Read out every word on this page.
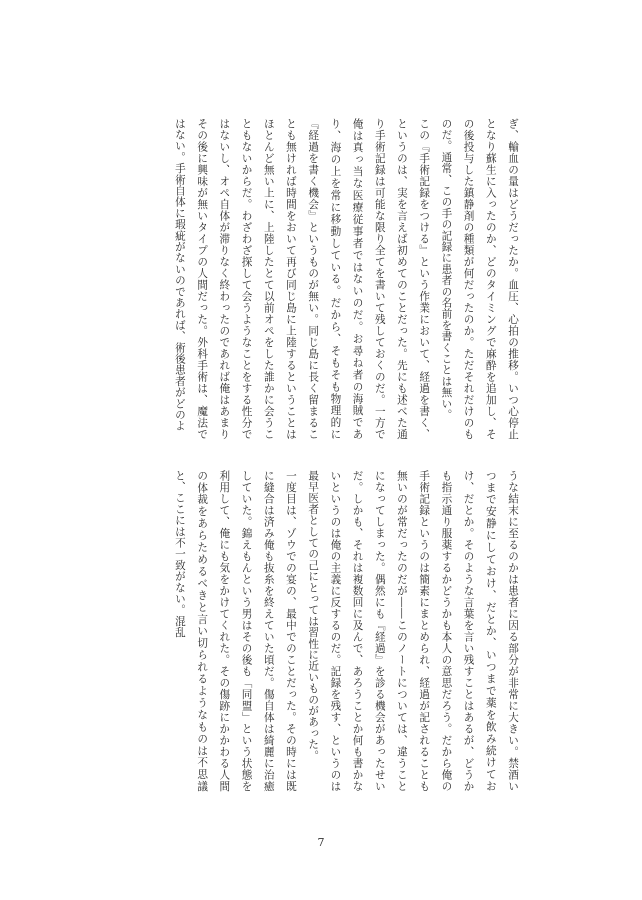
ぎ、輸血の量はどうだったか。血圧、心拍の推移。いつ心停止となり蘇生に入ったのか、どのタイミングで麻酔を追加し、その後投与した鎮静剤の種類が何だったのか。ただそれだけのものだ。通常、この手の記録に患者の名前を書くことは無い。
この『手術記録をつける』という作業において、経過を書く、というのは、実を言えば初めてのことだった。先にも述べた通り手術記録は可能な限り全てを書いて残しておくのだ。一方で俺は真っ当な医療従事者ではないのだ。お尋ね者の海賊であり、海の上を常に移動している。だから、そもそも物理的に『経過を書く機会』というものが無い。同じ島に長く留まることも無ければ時間をおいて再び同じ島に上陸するということはほとんど無い上に、上陸したとて以前オペをした誰かに会うこともないからだ。わざわざ探して会うようなことをする性分ではないし、オペ自体が滞りなく終わったのであれば俺はあまりその後に興味が無いタイプの人間だった。外科手術は、魔法ではない。手術自体に瑕疵がないのであれば、術後患者がどのよ
うな結末に至るのかは患者に因る部分が非常に大きい。禁酒いつまで安静にしておけ、だとか、いつまで薬を飲み続けておけ、だとか。そのような言葉を言い残すことはあるが、どうかも指示通り服薬するかどうかも本人の意思だろう。だから俺の手術記録というのは簡素にまとめられ、経過が記されることも無いのが常だったのだが――このノートについては、違うことになってしまった。偶然にも『経過』を診る機会があったせいだ。しかも、それは複数回に及んで、あろうことか何も書かないというのは俺の主義に反するのだ。記録を残す、というのは最早医者としての己にとっては習性に近いものがあった。
一度目は、ゾウでの宴の、最中でのことだった。その時には既に縫合は済み俺も抜糸を終えていた頃だ。傷自体は綺麗に治癒していた。錦えもんという男はその後も「同盟」という状態を利用して、俺にも気をかけてくれた。その傷跡にかかわる人間の体裁をあらためるべきと言い切られるようなものは不思議と、ここには不一致がない。混乱
7
